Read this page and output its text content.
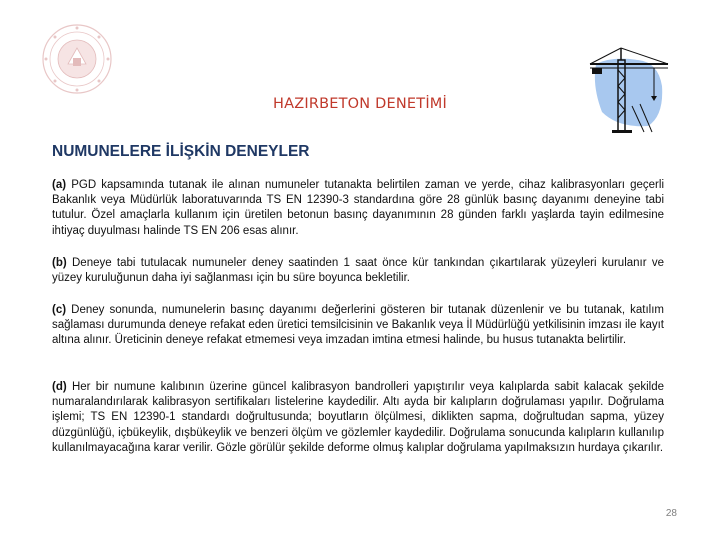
HAZIRBETON DENETİMİ
NUMUNELERE İLİŞKİN DENEYLER
(a) PGD kapsamında tutanak ile alınan numuneler tutanakta belirtilen zaman ve yerde, cihaz kalibrasyonları geçerli Bakanlık veya Müdürlük laboratuvarında TS EN 12390-3 standardına göre 28 günlük basınç dayanımı deneyine tabi tutulur. Özel amaçlarla kullanım için üretilen betonun basınç dayanımının 28 günden farklı yaşlarda tayin edilmesine ihtiyaç duyulması halinde TS EN 206 esas alınır.
(b) Deneye tabi tutulacak numuneler deney saatinden 1 saat önce kür tankından çıkartılarak yüzeyleri kurulanır ve yüzey kuruluğunun daha iyi sağlanması için bu süre boyunca bekletilir.
(c) Deney sonunda, numunelerin basınç dayanımı değerlerini gösteren bir tutanak düzenlenir ve bu tutanak, katılım sağlaması durumunda deneye refakat eden üretici temsilcisinin ve Bakanlık veya İl Müdürlüğü yetkilisinin imzası ile kayıt altına alınır. Üreticinin deneye refakat etmemesi veya imzadan imtina etmesi halinde, bu husus tutanakta belirtilir.
(d) Her bir numune kalıbının üzerine güncel kalibrasyon bandrolleri yapıştırılır veya kalıplarda sabit kalacak şekilde numaralandırılarak kalibrasyon sertifikaları listelerine kaydedilir. Altı ayda bir kalıpların doğrulaması yapılır. Doğrulama işlemi; TS EN 12390-1 standardı doğrultusunda; boyutların ölçülmesi, diklikten sapma, doğrultudan sapma, yüzey düzgünlüğü, içbükeylik, dışbükeylik ve benzeri ölçüm ve gözlemler kaydedilir. Doğrulama sonucunda kalıpların kullanılıp kullanılmayacağına karar verilir. Gözle görülür şekilde deforme olmuş kalıplar doğrulama yapılmaksızın hurdaya çıkarılır.
28
